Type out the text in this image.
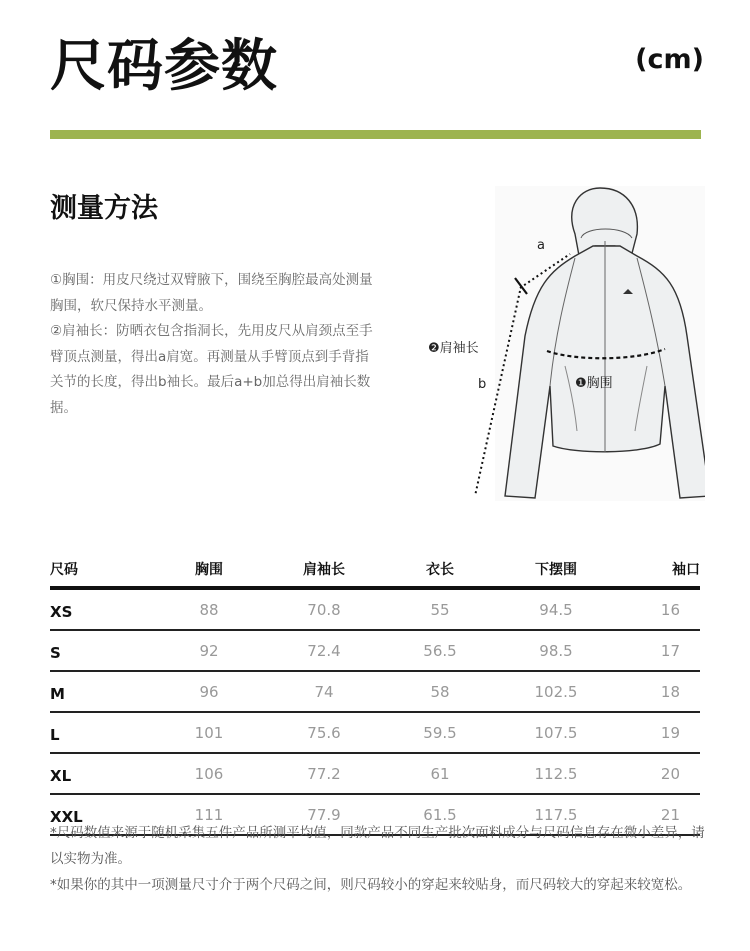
尺码参数	(cm)
测量方法

①胸围：用皮尺绕过双臂腋下，围绕至胸腔最高处测量胸围，软尺保持水平测量。

②肩袖长：防晒衣包含指洞长，先用皮尺从肩颈点至手臂顶点测量，得出a肩宽。再测量从手臂顶点到手背指关节的长度，得出b袖长。最后a+b加总得出肩袖长数据。

a
b
❷肩袖长
❶胸围
尺码	胸围	肩袖长	衣长	下摆围	袖口
XS	88	70.8	55	94.5	16
S	92	72.4	56.5	98.5	17
M	96	74	58	102.5	18
L	101	75.6	59.5	107.5	19
XL	106	77.2	61	112.5	20
XXL	111	77.9	61.5	117.5	21

*尺码数值来源于随机采集五件产品所测平均值，同款产品不同生产批次面料成分与尺码信息存在微小差异，请以实物为准。

*如果你的其中一项测量尺寸介于两个尺码之间，则尺码较小的穿起来较贴身，而尺码较大的穿起来较宽松。
